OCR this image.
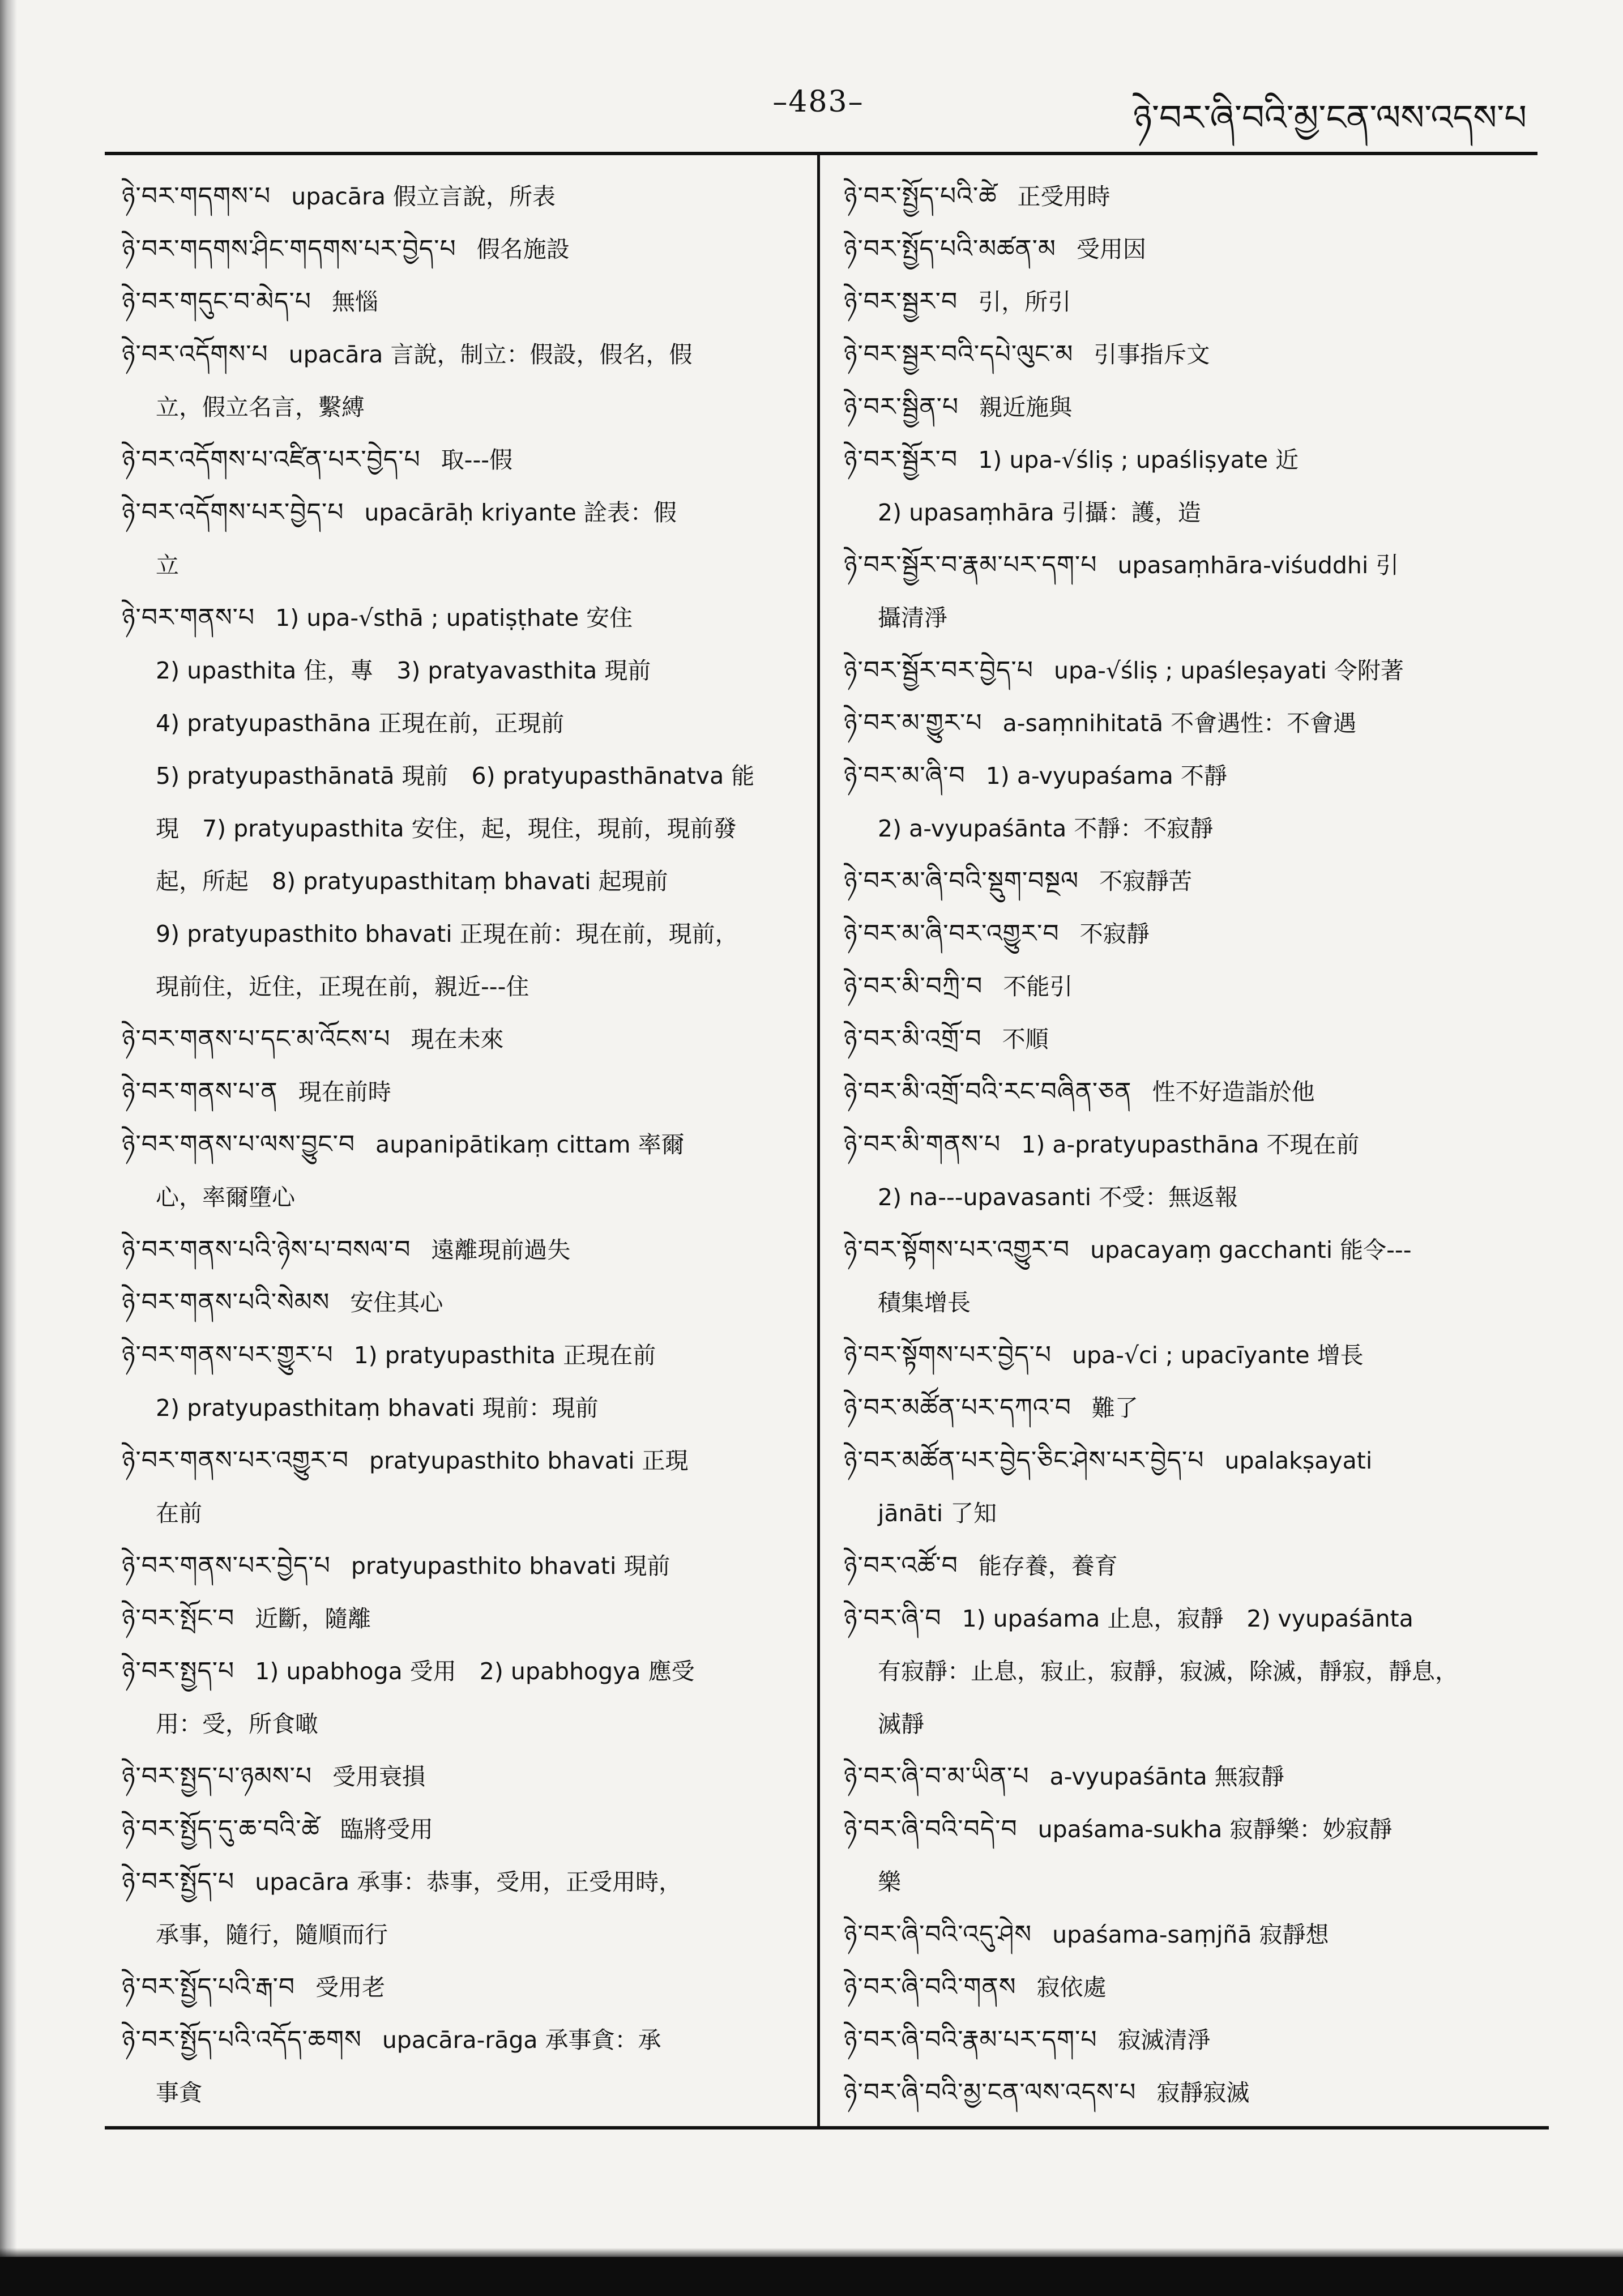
–483–	ཉེ་བར་ཞི་བའི་མྱ་ངན་ལས་འདས་པ
ཉེ་བར་གདགས་པ upacāra 假立言說，所表
ཉེ་བར་གདགས་ཤིང་གདགས་པར་བྱེད་པ 假名施設
ཉེ་བར་གདུང་བ་མེད་པ 無惱
ཉེ་བར་འདོགས་པ upacāra 言說，制立：假設，假名，假
立，假立名言，繫縛
ཉེ་བར་འདོགས་པ་འཛིན་པར་བྱེད་པ 取---假
ཉེ་བར་འདོགས་པར་བྱེད་པ upacārāḥ kriyante 詮表：假
立
ཉེ་བར་གནས་པ 1) upa-√sthā ; upatiṣṭhate 安住
2) upasthita 住，專　3) pratyavasthita 現前
4) pratyupasthāna 正現在前，正現前
5) pratyupasthānatā 現前　6) pratyupasthānatva 能
現　7) pratyupasthita 安住，起，現住，現前，現前發
起，所起　8) pratyupasthitaṃ bhavati 起現前
9) pratyupasthito bhavati 正現在前：現在前，現前，
現前住，近住，正現在前，親近---住
ཉེ་བར་གནས་པ་དང་མ་འོངས་པ 現在未來
ཉེ་བར་གནས་པ་ན 現在前時
ཉེ་བར་གནས་པ་ལས་བྱུང་བ aupanipātikaṃ cittam 率爾
心，率爾墮心
ཉེ་བར་གནས་པའི་ཉེས་པ་བསལ་བ 遠離現前過失
ཉེ་བར་གནས་པའི་སེམས 安住其心
ཉེ་བར་གནས་པར་གྱུར་པ 1) pratyupasthita 正現在前
2) pratyupasthitaṃ bhavati 現前：現前
ཉེ་བར་གནས་པར་འགྱུར་བ pratyupasthito bhavati 正現
在前
ཉེ་བར་གནས་པར་བྱེད་པ pratyupasthito bhavati 現前
ཉེ་བར་སྤོང་བ 近斷，隨離
ཉེ་བར་སྤྱད་པ 1) upabhoga 受用　2) upabhogya 應受
用：受，所食噉
ཉེ་བར་སྤྱད་པ་ཉམས་པ 受用衰損
ཉེ་བར་སྤྱོད་དུ་ཆ་བའི་ཚེ 臨將受用
ཉེ་བར་སྤྱོད་པ upacāra 承事：恭事，受用，正受用時，
承事，隨行，隨順而行
ཉེ་བར་སྤྱོད་པའི་རྒ་བ 受用老
ཉེ་བར་སྤྱོད་པའི་འདོད་ཆགས upacāra-rāga 承事貪：承
事貪
ཉེ་བར་སྤྱོད་པའི་ཚེ 正受用時
ཉེ་བར་སྤྱོད་པའི་མཚན་མ 受用因
ཉེ་བར་སྦྱར་བ 引，所引
ཉེ་བར་སྦྱར་བའི་དཔེ་ལུང་མ 引事指斥文
ཉེ་བར་སྦྱིན་པ 親近施與
ཉེ་བར་སྦྱོར་བ 1) upa-√śliṣ ; upaśliṣyate 近
2) upasaṃhāra 引攝：護，造
ཉེ་བར་སྦྱོར་བ་རྣམ་པར་དག་པ upasaṃhāra-viśuddhi 引
攝清淨
ཉེ་བར་སྦྱོར་བར་བྱེད་པ upa-√śliṣ ; upaśleṣayati 令附著
ཉེ་བར་མ་གྱུར་པ a-saṃnihitatā 不會遇性：不會遇
ཉེ་བར་མ་ཞི་བ 1) a-vyupaśama 不靜
2) a-vyupaśānta 不靜：不寂靜
ཉེ་བར་མ་ཞི་བའི་སྡུག་བསྔལ 不寂靜苦
ཉེ་བར་མ་ཞི་བར་འགྱུར་བ 不寂靜
ཉེ་བར་མི་བཀྲི་བ 不能引
ཉེ་བར་མི་འགྲོ་བ 不順
ཉེ་བར་མི་འགྲོ་བའི་རང་བཞིན་ཅན 性不好造詣於他
ཉེ་བར་མི་གནས་པ 1) a-pratyupasthāna 不現在前
2) na---upavasanti 不受：無返報
ཉེ་བར་སྟོགས་པར་འགྱུར་བ upacayaṃ gacchanti 能令---
積集增長
ཉེ་བར་སྟོགས་པར་བྱེད་པ upa-√ci ; upacīyante 增長
ཉེ་བར་མཚོན་པར་དཀའ་བ 難了
ཉེ་བར་མཚོན་པར་བྱེད་ཅིང་ཤེས་པར་བྱེད་པ upalakṣayati
jānāti 了知
ཉེ་བར་འཚོ་བ 能存養，養育
ཉེ་བར་ཞི་བ 1) upaśama 止息，寂靜　2) vyupaśānta
有寂靜：止息，寂止，寂靜，寂滅，除滅，靜寂，靜息，
滅靜
ཉེ་བར་ཞི་བ་མ་ཡིན་པ a-vyupaśānta 無寂靜
ཉེ་བར་ཞི་བའི་བདེ་བ upaśama-sukha 寂靜樂：妙寂靜
樂
ཉེ་བར་ཞི་བའི་འདུ་ཤེས upaśama-saṃjñā 寂靜想
ཉེ་བར་ཞི་བའི་གནས 寂依處
ཉེ་བར་ཞི་བའི་རྣམ་པར་དག་པ 寂滅清淨
ཉེ་བར་ཞི་བའི་མྱ་ངན་ལས་འདས་པ 寂靜寂滅
